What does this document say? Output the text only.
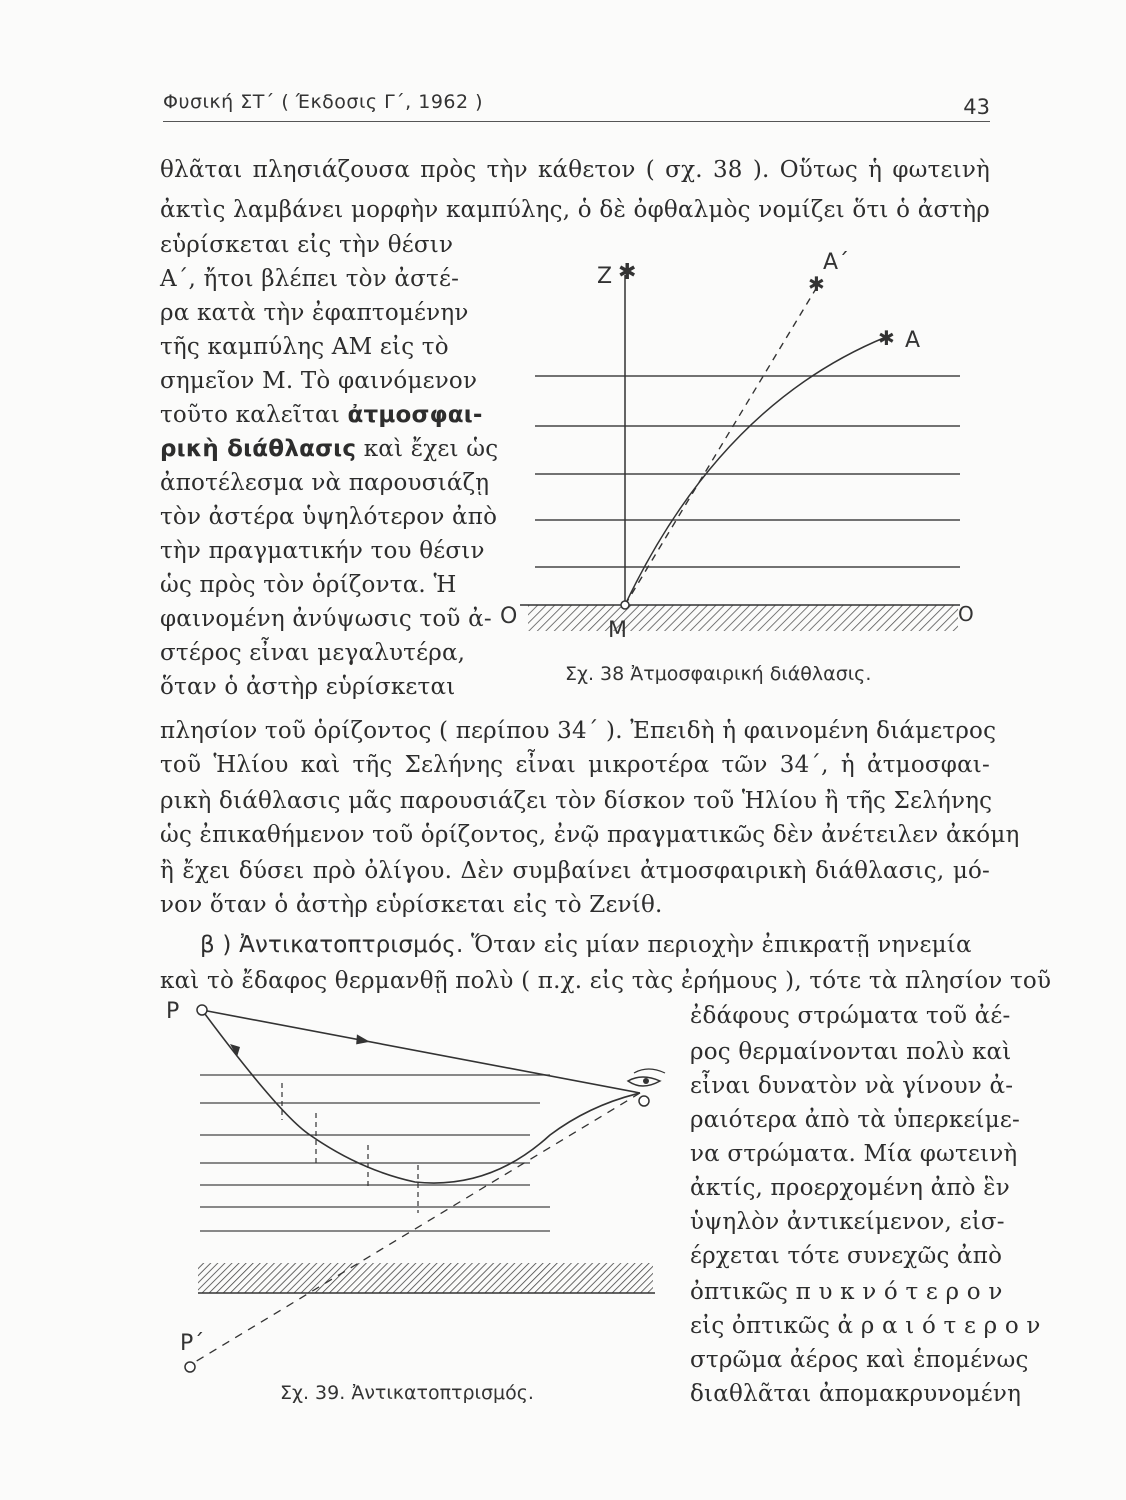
Φυσική ΣΤ΄ ( Έκδοσις Γ΄, 1962 )	43
θλᾶται πλησιάζουσα πρὸς τὴν κάθετον ( σχ. 38 ). Οὕτως ἡ φωτεινὴ
ἀκτὶς λαμβάνει μορφὴν καμπύλης, ὁ δὲ ὀφθαλμὸς νομίζει ὅτι ὁ ἀστὴρ
εὑρίσκεται εἰς τὴν θέσιν
Α΄, ἤτοι βλέπει τὸν ἀστέ-
ρα κατὰ τὴν ἐφαπτομένην
τῆς καμπύλης ΑΜ εἰς τὸ
σημεῖον Μ. Τὸ φαινόμενον
τοῦτο καλεῖται ἀτμοσφαι-
ρικὴ διάθλασις καὶ ἔχει ὡς
ἀποτέλεσμα νὰ παρουσιάζῃ
τὸν ἀστέρα ὑψηλότερον ἀπὸ
τὴν πραγματικήν του θέσιν
ὡς πρὸς τὸν ὁρίζοντα. Ἡ
φαινομένη ἀνύψωσις τοῦ ἀ-
στέρος εἶναι μεγαλυτέρα,
ὅταν ὁ ἀστὴρ εὑρίσκεται
✱	✱
✱
Z
A΄
A
M
O	O
Σχ. 38 Ἀτμοσφαιρική διάθλασις.
πλησίον τοῦ ὁρίζοντος ( περίπου 34΄ ). Ἐπειδὴ ἡ φαινομένη διάμετρος
τοῦ Ἡλίου καὶ τῆς Σελήνης εἶναι μικροτέρα τῶν 34΄, ἡ ἀτμοσφαι-
ρικὴ διάθλασις μᾶς παρουσιάζει τὸν δίσκον τοῦ Ἡλίου ἢ τῆς Σελήνης
ὡς ἐπικαθήμενον τοῦ ὁρίζοντος, ἐνῷ πραγματικῶς δὲν ἀνέτειλεν ἀκόμη
ἢ ἔχει δύσει πρὸ ὀλίγου. Δὲν συμβαίνει ἀτμοσφαιρικὴ διάθλασις, μό-
νον ὅταν ὁ ἀστὴρ εὑρίσκεται εἰς τὸ Ζενίθ.
β ) Ἀντικατοπτρισμός. Ὅταν εἰς μίαν περιοχὴν ἐπικρατῇ νηνεμία
καὶ τὸ ἔδαφος θερμανθῇ πολὺ ( π.χ. εἰς τὰς ἐρήμους ), τότε τὰ πλησίον τοῦ
ἐδάφους στρώματα τοῦ ἀέ-
ρος θερμαίνονται πολὺ καὶ
εἶναι δυνατὸν νὰ γίνουν ἀ-
ραιότερα ἀπὸ τὰ ὑπερκείμε-
να στρώματα. Μία φωτεινὴ
ἀκτίς, προερχομένη ἀπὸ ἓν
ὑψηλὸν ἀντικείμενον, εἰσ-
έρχεται τότε συνεχῶς ἀπὸ
ὀπτικῶς π υ κ ν ό τ ε ρ ο ν
εἰς ὀπτικῶς ἀ ρ α ι ό τ ε ρ ο ν
στρῶμα ἀέρος καὶ ἑπομένως
διαθλᾶται ἀπομακρυνομένη
P
P΄
Σχ. 39. Ἀντικατοπτρισμός.
